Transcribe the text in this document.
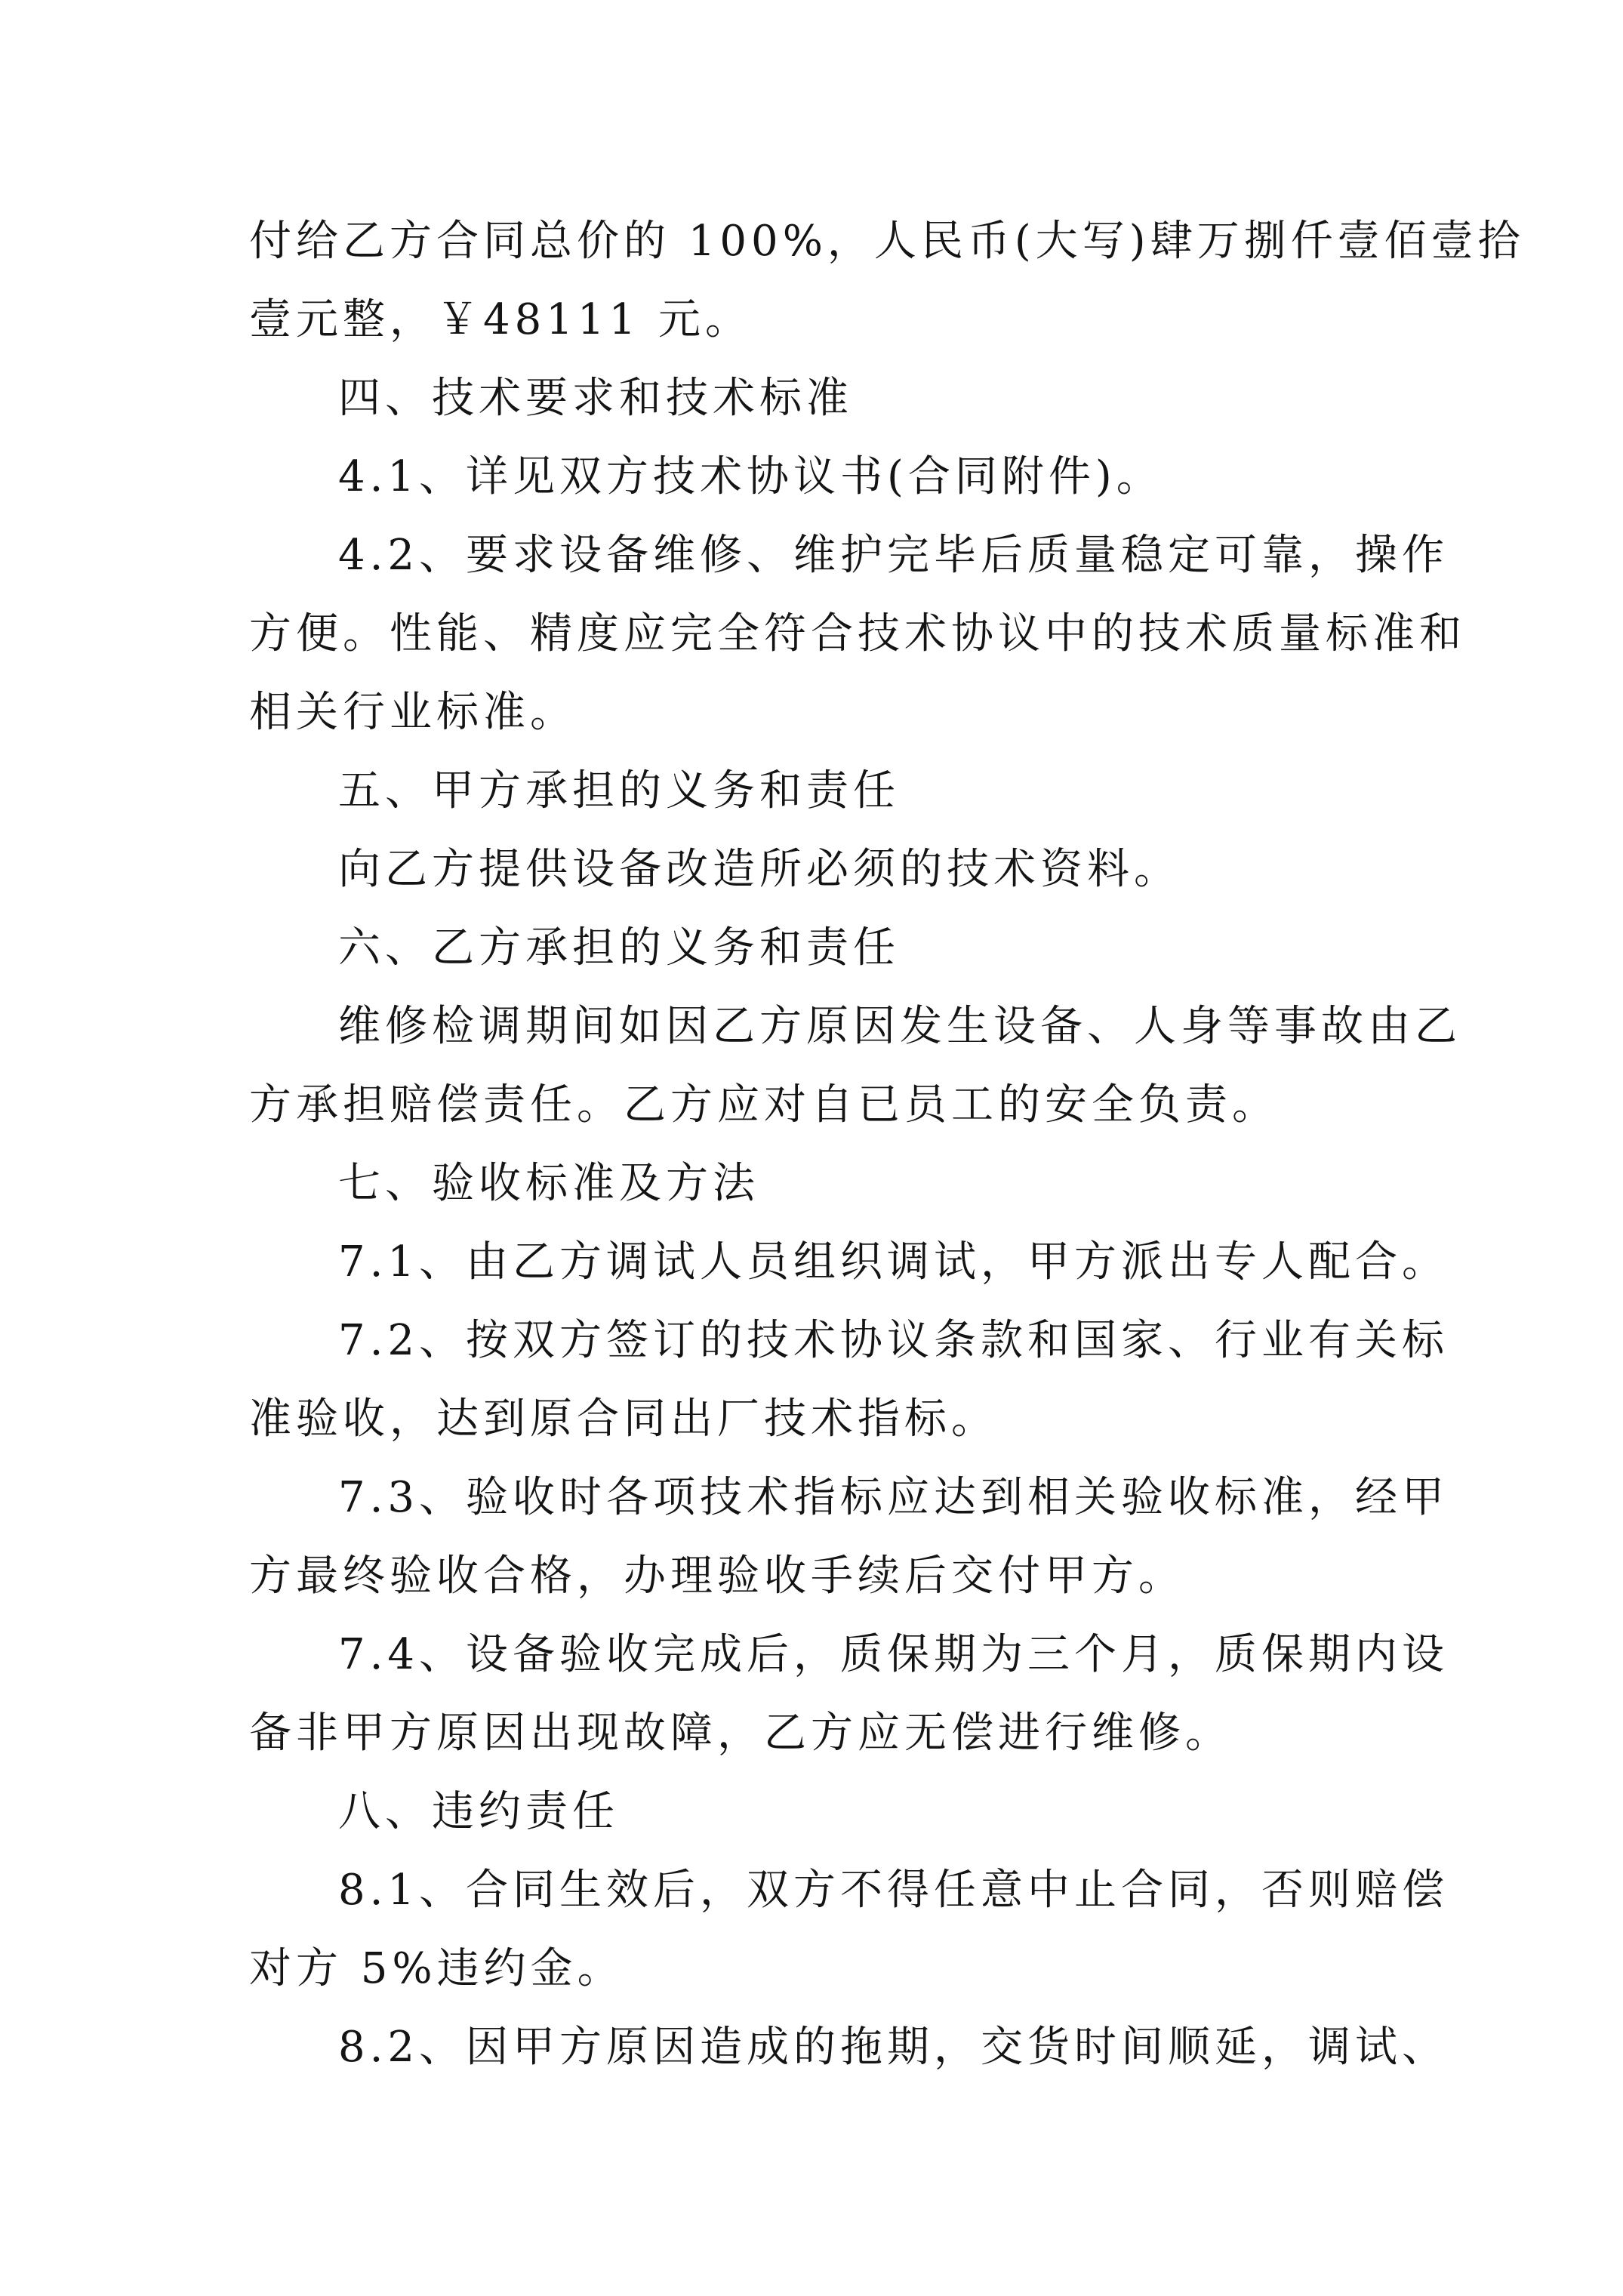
付给乙方合同总价的 100%，人民币(大写)肆万捌仟壹佰壹拾
壹元整，￥48111 元。
四、技术要求和技术标准
4.1、详见双方技术协议书(合同附件)。
4.2、要求设备维修、维护完毕后质量稳定可靠，操作
方便。性能、精度应完全符合技术协议中的技术质量标准和
相关行业标准。
五、甲方承担的义务和责任
向乙方提供设备改造所必须的技术资料。
六、乙方承担的义务和责任
维修检调期间如因乙方原因发生设备、人身等事故由乙
方承担赔偿责任。乙方应对自已员工的安全负责。
七、验收标准及方法
7.1、由乙方调试人员组织调试，甲方派出专人配合。
7.2、按双方签订的技术协议条款和国家、行业有关标
准验收，达到原合同出厂技术指标。
7.3、验收时各项技术指标应达到相关验收标准，经甲
方最终验收合格，办理验收手续后交付甲方。
7.4、设备验收完成后，质保期为三个月，质保期内设
备非甲方原因出现故障，乙方应无偿进行维修。
八、违约责任
8.1、合同生效后，双方不得任意中止合同，否则赔偿
对方 5%违约金。
8.2、因甲方原因造成的拖期，交货时间顺延，调试、
